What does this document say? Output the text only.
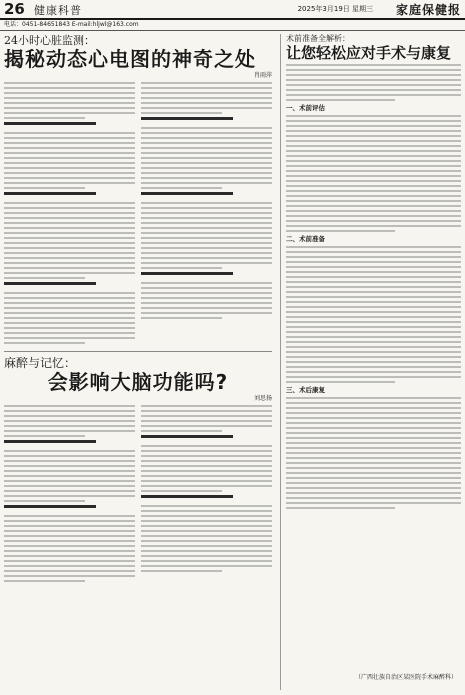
26 健康科普	2025年3月19日 星期三 家庭保健报
电话：0451-84651843 E-mail:hljwl@163.com

24小时心脏监测：

揭秘动态心电图的神奇之处

肖雨萍

麻醉与记忆：

会影响大脑功能吗?

刘思扬

术前准备全解析：

让您轻松应对手术与康复

一、术前评估

二、术前准备

三、术后康复

（广西壮族自治区某医院手术麻醉科）
